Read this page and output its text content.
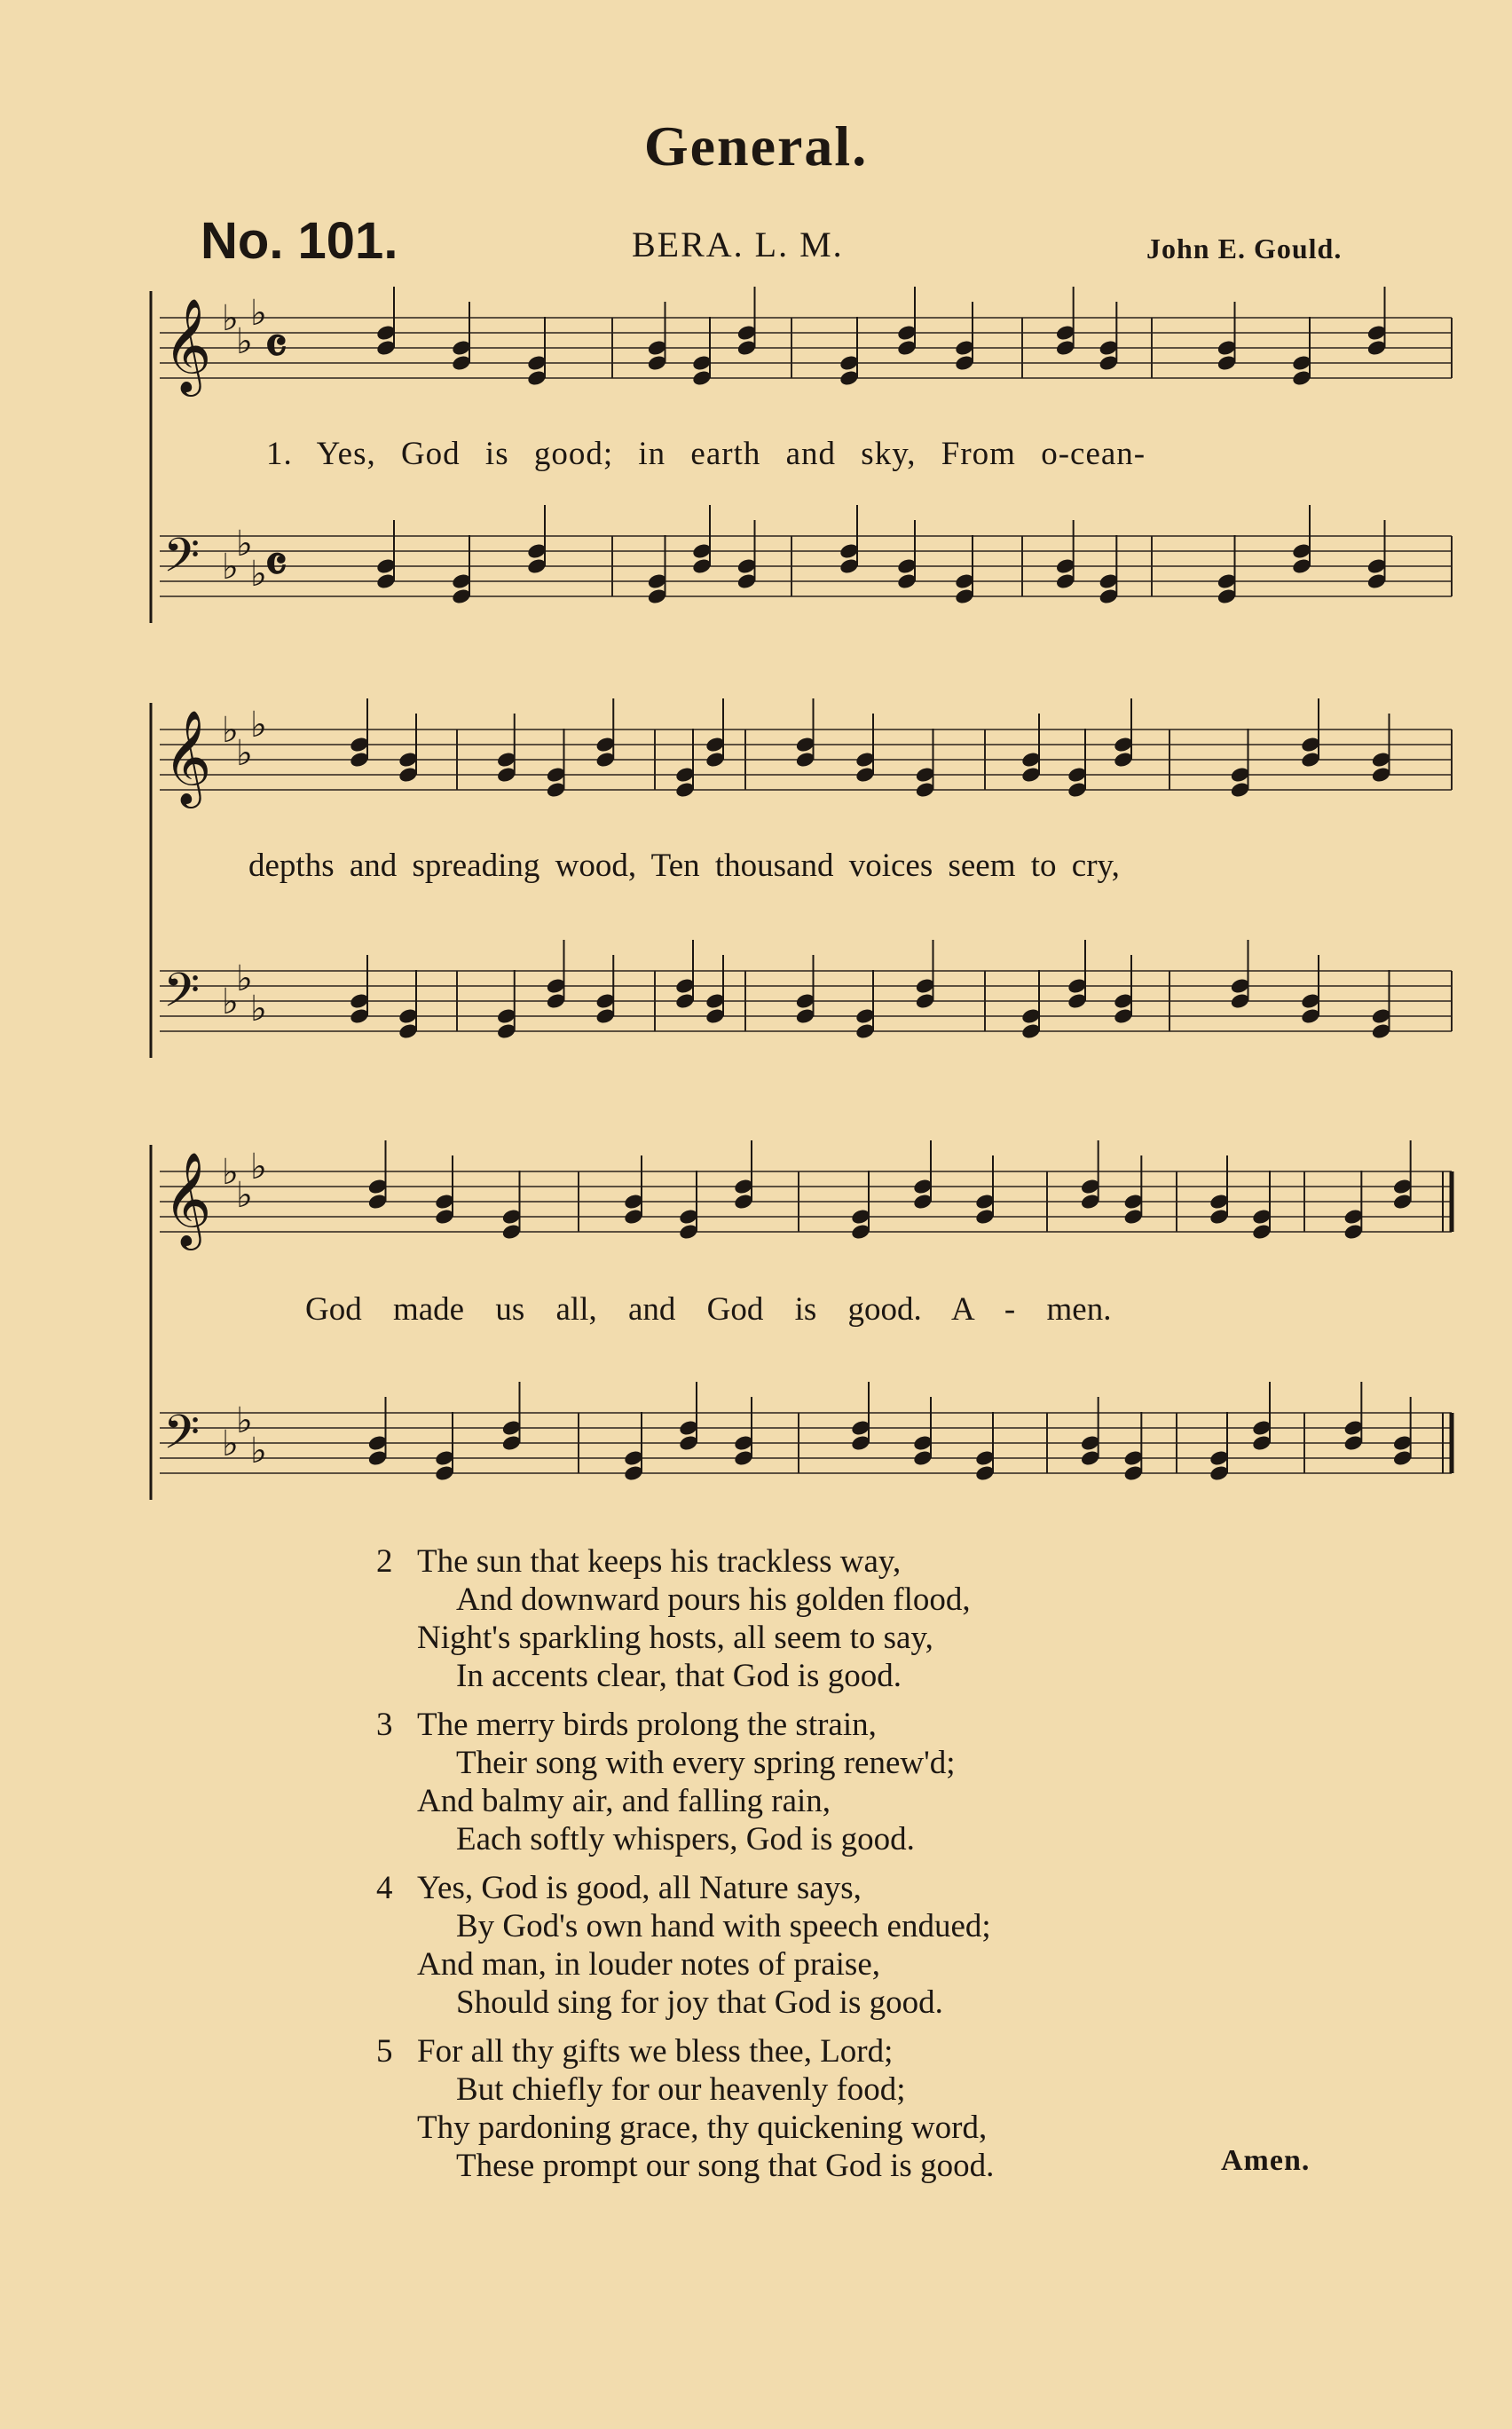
General.
No. 101.	BERA. L. M.	John E. Gould.
𝄞 ♭
♭
♭
𝄴
𝄢 ♭
♭
♭
𝄴
𝄞 ♭
♭
♭
𝄢 ♭
♭
♭
𝄞 ♭
♭
♭
𝄢 ♭
♭
♭
1. Yes, God is good; in earth and sky, From o-cean-
depths and spreading wood, Ten thousand voices seem to cry,
God made us all, and God is good. A - men.
2 The sun that keeps his trackless way,
And downward pours his golden flood,
Night's sparkling hosts, all seem to say,
In accents clear, that God is good.
3 The merry birds prolong the strain,
Their song with every spring renew'd;
And balmy air, and falling rain,
Each softly whispers, God is good.
4 Yes, God is good, all Nature says,
By God's own hand with speech endued;
And man, in louder notes of praise,
Should sing for joy that God is good.
5 For all thy gifts we bless thee, Lord;
But chiefly for our heavenly food;
Thy pardoning grace, thy quickening word,
These prompt our song that God is good.	Amen.
